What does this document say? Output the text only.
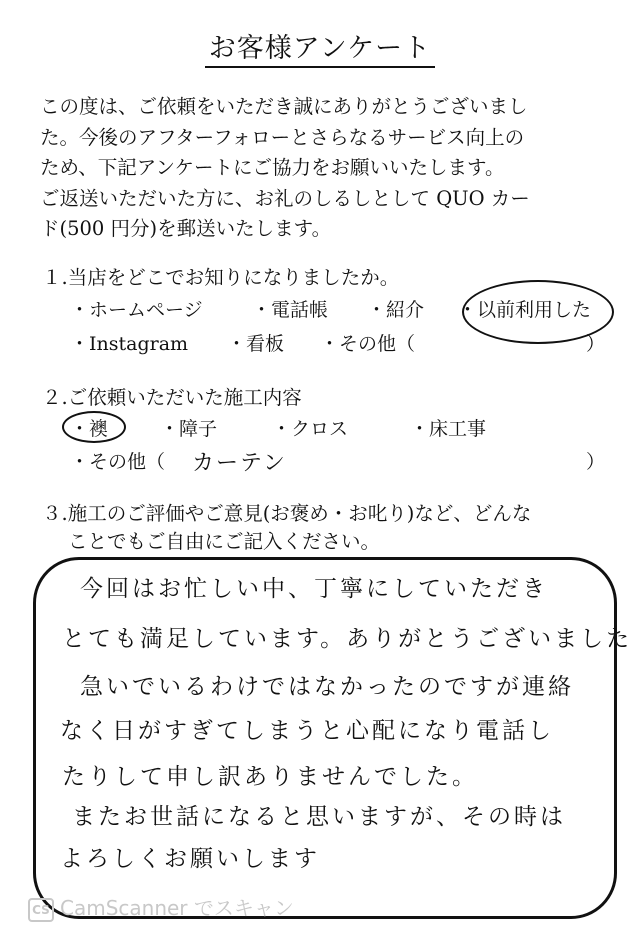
お客様アンケート
この度は、ご依頼をいただき誠にありがとうございまし
た。今後のアフターフォローとさらなるサービス向上の
ため、下記アンケートにご協力をお願いいたします。
ご返送いただいた方に、お礼のしるしとして QUO カー
ド(500 円分)を郵送いたします。
１.当店をどこでお知りになりましたか。
・ホームページ	・電話帳 ・紹介 ・以前利用した
・Instagram ・看板 ・その他（	）
２.ご依頼いただいた施工内容
・襖	・障子	・クロス	・床工事
・その他（ カーテン	）
３.施工のご評価やご意見(お褒め・お叱り)など、どんな
ことでもご自由にご記入ください。
今回はお忙しい中、丁寧にしていただき
とても満足しています。ありがとうございました
急いでいるわけではなかったのですが連絡
なく日がすぎてしまうと心配になり電話し
たりして申し訳ありませんでした。
またお世話になると思いますが、その時は
よろしくお願いします
CS CamScanner でスキャン
